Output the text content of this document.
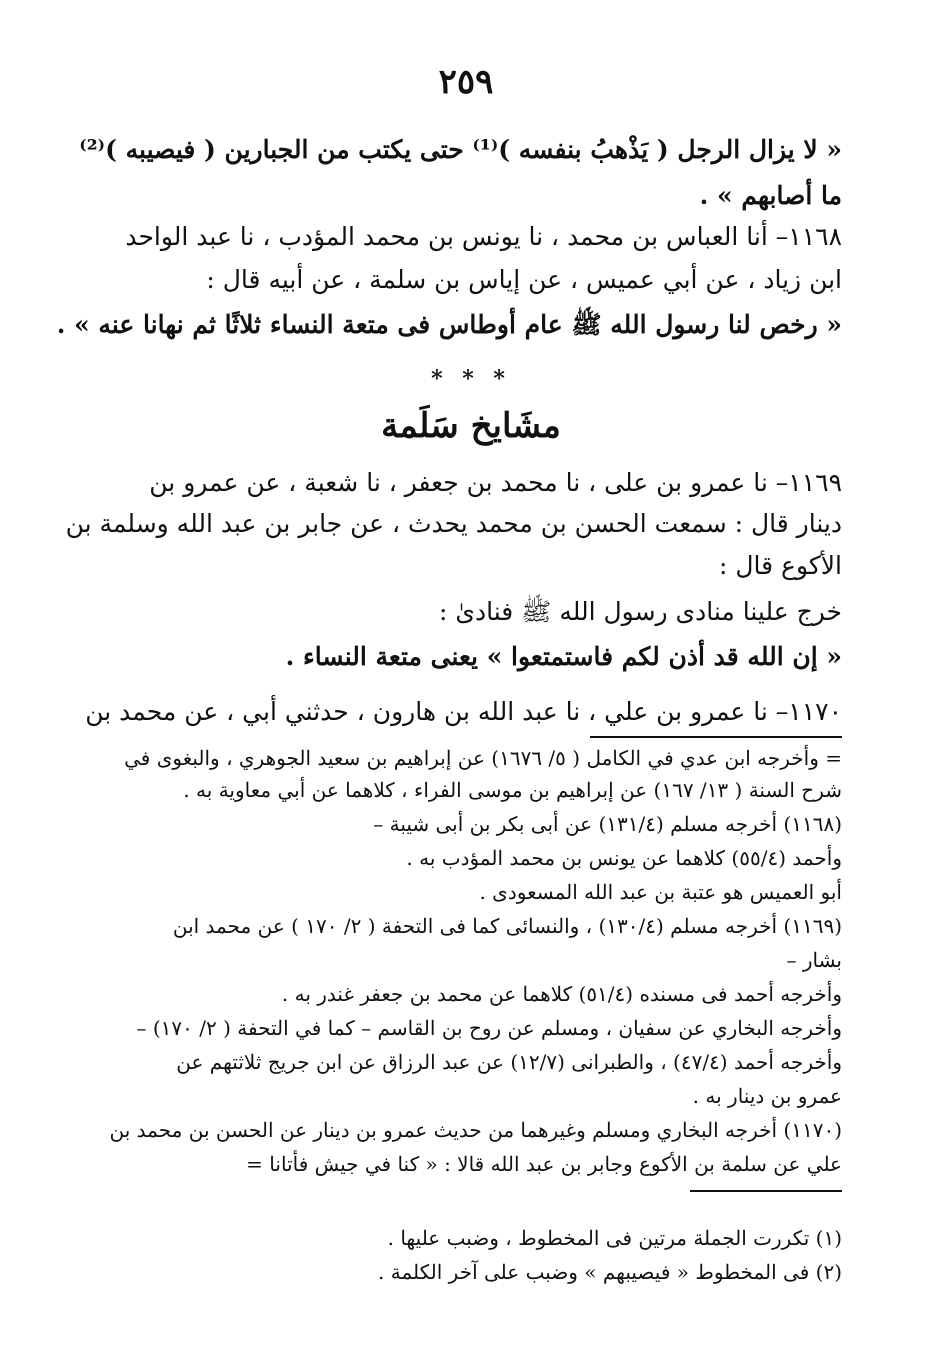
٢٥٩
« لا يزال الرجل ( يَذْهبُ بنفسه )⁽¹⁾ حتى يكتب من الجبارين ( فيصيبه )⁽²⁾
ما أصابهم » .
١١٦٨– أنا العباس بن محمد ، نا يونس بن محمد المؤدب ، نا عبد الواحد
ابن زياد ، عن أبي عميس ، عن إياس بن سلمة ، عن أبيه قال :
« رخص لنا رسول الله ﷺ عام أوطاس فى متعة النساء ثلاثًا ثم نهانا عنه » .
* * *
مشَايخ سَلَمة
١١٦٩– نا عمرو بن على ، نا محمد بن جعفر ، نا شعبة ، عن عمرو بن
دينار قال : سمعت الحسن بن محمد يحدث ، عن جابر بن عبد الله وسلمة بن
الأكوع قال :
خرج علينا منادى رسول الله ﷺ فنادىٰ :
« إن الله قد أذن لكم فاستمتعوا » يعنى متعة النساء .
١١٧٠– نا عمرو بن علي ، نا عبد الله بن هارون ، حدثني أبي ، عن محمد بن
= وأخرجه ابن عدي في الكامل ( ٥/ ١٦٧٦) عن إبراهيم بن سعيد الجوهري ، والبغوى في
شرح السنة ( ١٣/ ١٦٧) عن إبراهيم بن موسى الفراء ، كلاهما عن أبي معاوية به .
(١١٦٨) أخرجه مسلم (١٣١/٤) عن أبى بكر بن أبى شيبة –
وأحمد (٥٥/٤) كلاهما عن يونس بن محمد المؤدب به .
أبو العميس هو عتبة بن عبد الله المسعودى .
(١١٦٩) أخرجه مسلم (١٣٠/٤) ، والنسائى كما فى التحفة ( ٢/ ١٧٠ ) عن محمد ابن
بشار –
وأخرجه أحمد فى مسنده (٥١/٤) كلاهما عن محمد بن جعفر غندر به .
وأخرجه البخاري عن سفيان ، ومسلم عن روح بن القاسم – كما في التحفة ( ٢/ ١٧٠) –
وأخرجه أحمد (٤٧/٤) ، والطبرانى (١٢/٧) عن عبد الرزاق عن ابن جريج ثلاثتهم عن
عمرو بن دينار به .
(١١٧٠) أخرجه البخاري ومسلم وغيرهما من حديث عمرو بن دينار عن الحسن بن محمد بن
علي عن سلمة بن الأكوع وجابر بن عبد الله قالا : « كنا في جيش فأتانا =
(١) تكررت الجملة مرتين فى المخطوط ، وضبب عليها .
(٢) فى المخطوط « فيصيبهم » وضبب على آخر الكلمة .
